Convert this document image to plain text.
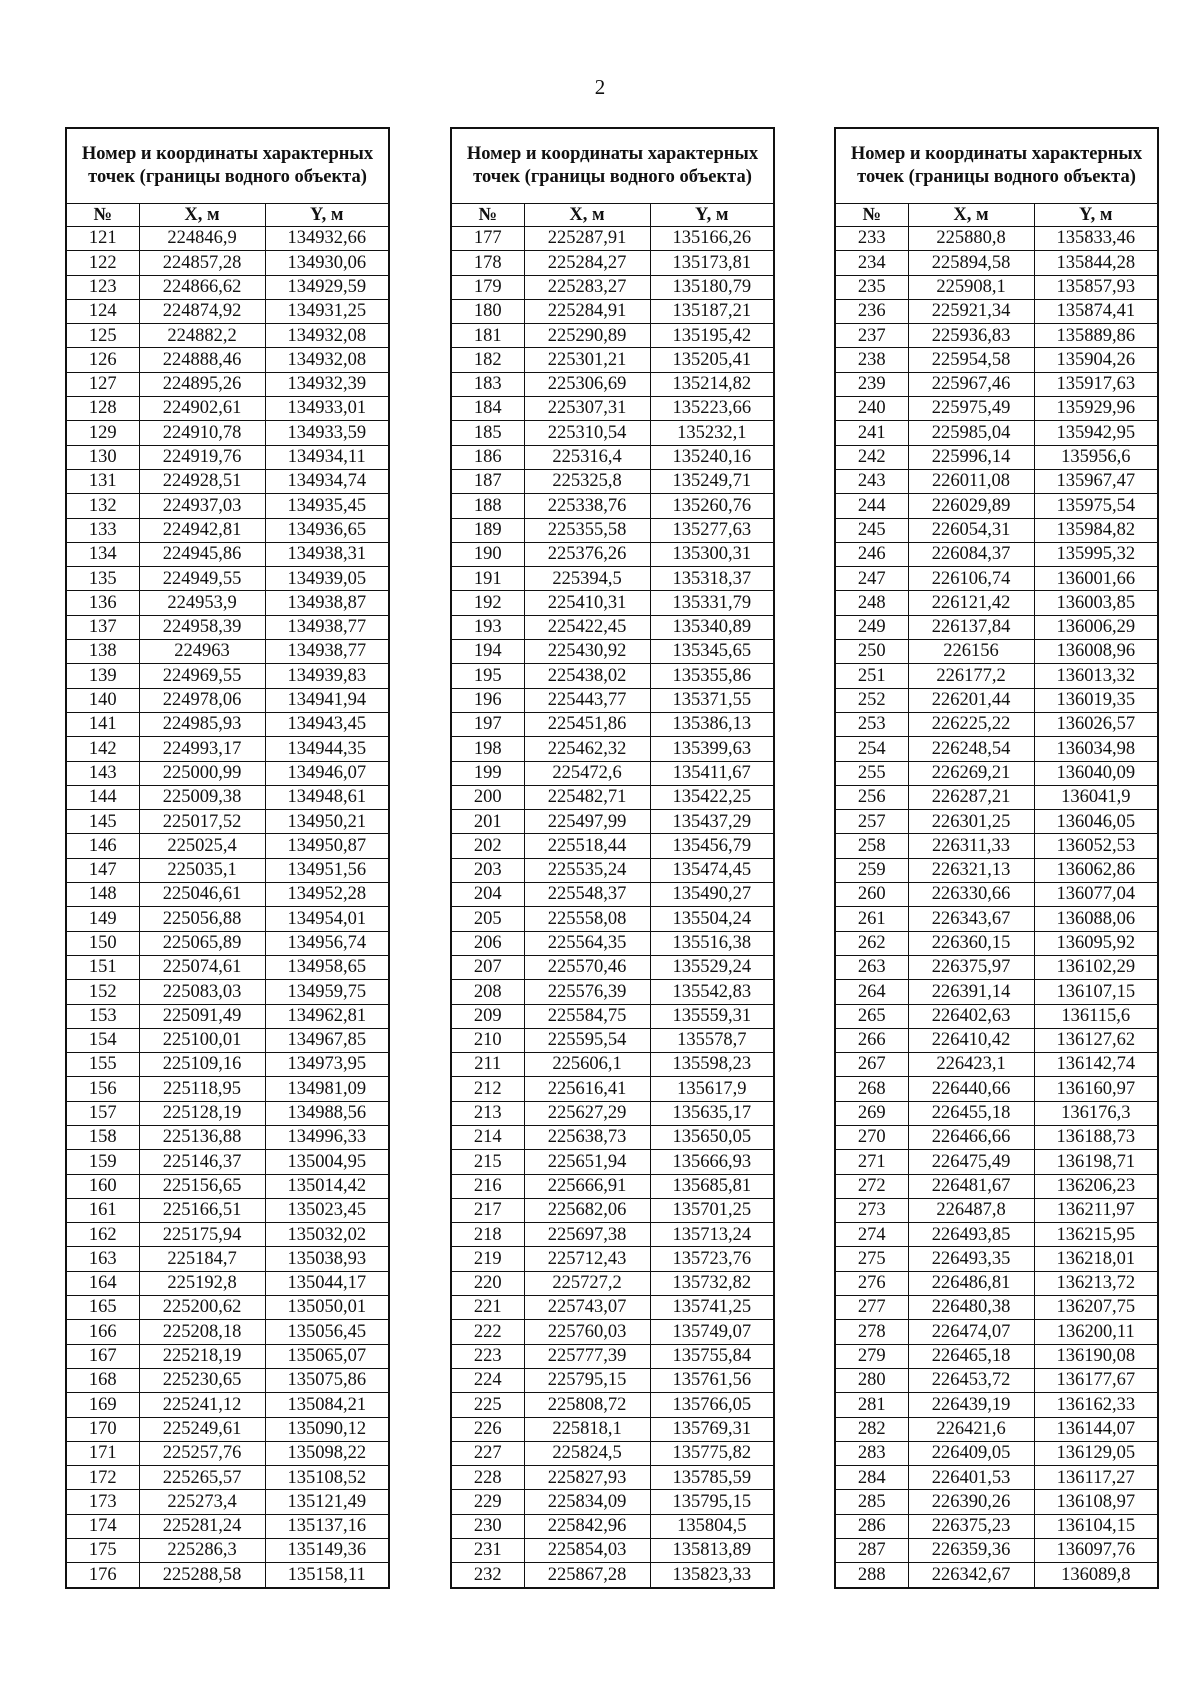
2
Номер и координаты характерных точек (границы водного объекта)		
№	X, м	Y, м
121	224846,9	134932,66
122	224857,28	134930,06
123	224866,62	134929,59
124	224874,92	134931,25
125	224882,2	134932,08
126	224888,46	134932,08
127	224895,26	134932,39
128	224902,61	134933,01
129	224910,78	134933,59
130	224919,76	134934,11
131	224928,51	134934,74
132	224937,03	134935,45
133	224942,81	134936,65
134	224945,86	134938,31
135	224949,55	134939,05
136	224953,9	134938,87
137	224958,39	134938,77
138	224963	134938,77
139	224969,55	134939,83
140	224978,06	134941,94
141	224985,93	134943,45
142	224993,17	134944,35
143	225000,99	134946,07
144	225009,38	134948,61
145	225017,52	134950,21
146	225025,4	134950,87
147	225035,1	134951,56
148	225046,61	134952,28
149	225056,88	134954,01
150	225065,89	134956,74
151	225074,61	134958,65
152	225083,03	134959,75
153	225091,49	134962,81
154	225100,01	134967,85
155	225109,16	134973,95
156	225118,95	134981,09
157	225128,19	134988,56
158	225136,88	134996,33
159	225146,37	135004,95
160	225156,65	135014,42
161	225166,51	135023,45
162	225175,94	135032,02
163	225184,7	135038,93
164	225192,8	135044,17
165	225200,62	135050,01
166	225208,18	135056,45
167	225218,19	135065,07
168	225230,65	135075,86
169	225241,12	135084,21
170	225249,61	135090,12
171	225257,76	135098,22
172	225265,57	135108,52
173	225273,4	135121,49
174	225281,24	135137,16
175	225286,3	135149,36
176	225288,58	135158,11
Номер и координаты характерных точек (границы водного объекта)		
№	X, м	Y, м
177	225287,91	135166,26
178	225284,27	135173,81
179	225283,27	135180,79
180	225284,91	135187,21
181	225290,89	135195,42
182	225301,21	135205,41
183	225306,69	135214,82
184	225307,31	135223,66
185	225310,54	135232,1
186	225316,4	135240,16
187	225325,8	135249,71
188	225338,76	135260,76
189	225355,58	135277,63
190	225376,26	135300,31
191	225394,5	135318,37
192	225410,31	135331,79
193	225422,45	135340,89
194	225430,92	135345,65
195	225438,02	135355,86
196	225443,77	135371,55
197	225451,86	135386,13
198	225462,32	135399,63
199	225472,6	135411,67
200	225482,71	135422,25
201	225497,99	135437,29
202	225518,44	135456,79
203	225535,24	135474,45
204	225548,37	135490,27
205	225558,08	135504,24
206	225564,35	135516,38
207	225570,46	135529,24
208	225576,39	135542,83
209	225584,75	135559,31
210	225595,54	135578,7
211	225606,1	135598,23
212	225616,41	135617,9
213	225627,29	135635,17
214	225638,73	135650,05
215	225651,94	135666,93
216	225666,91	135685,81
217	225682,06	135701,25
218	225697,38	135713,24
219	225712,43	135723,76
220	225727,2	135732,82
221	225743,07	135741,25
222	225760,03	135749,07
223	225777,39	135755,84
224	225795,15	135761,56
225	225808,72	135766,05
226	225818,1	135769,31
227	225824,5	135775,82
228	225827,93	135785,59
229	225834,09	135795,15
230	225842,96	135804,5
231	225854,03	135813,89
232	225867,28	135823,33
Номер и координаты характерных точек (границы водного объекта)		
№	X, м	Y, м
233	225880,8	135833,46
234	225894,58	135844,28
235	225908,1	135857,93
236	225921,34	135874,41
237	225936,83	135889,86
238	225954,58	135904,26
239	225967,46	135917,63
240	225975,49	135929,96
241	225985,04	135942,95
242	225996,14	135956,6
243	226011,08	135967,47
244	226029,89	135975,54
245	226054,31	135984,82
246	226084,37	135995,32
247	226106,74	136001,66
248	226121,42	136003,85
249	226137,84	136006,29
250	226156	136008,96
251	226177,2	136013,32
252	226201,44	136019,35
253	226225,22	136026,57
254	226248,54	136034,98
255	226269,21	136040,09
256	226287,21	136041,9
257	226301,25	136046,05
258	226311,33	136052,53
259	226321,13	136062,86
260	226330,66	136077,04
261	226343,67	136088,06
262	226360,15	136095,92
263	226375,97	136102,29
264	226391,14	136107,15
265	226402,63	136115,6
266	226410,42	136127,62
267	226423,1	136142,74
268	226440,66	136160,97
269	226455,18	136176,3
270	226466,66	136188,73
271	226475,49	136198,71
272	226481,67	136206,23
273	226487,8	136211,97
274	226493,85	136215,95
275	226493,35	136218,01
276	226486,81	136213,72
277	226480,38	136207,75
278	226474,07	136200,11
279	226465,18	136190,08
280	226453,72	136177,67
281	226439,19	136162,33
282	226421,6	136144,07
283	226409,05	136129,05
284	226401,53	136117,27
285	226390,26	136108,97
286	226375,23	136104,15
287	226359,36	136097,76
288	226342,67	136089,8
